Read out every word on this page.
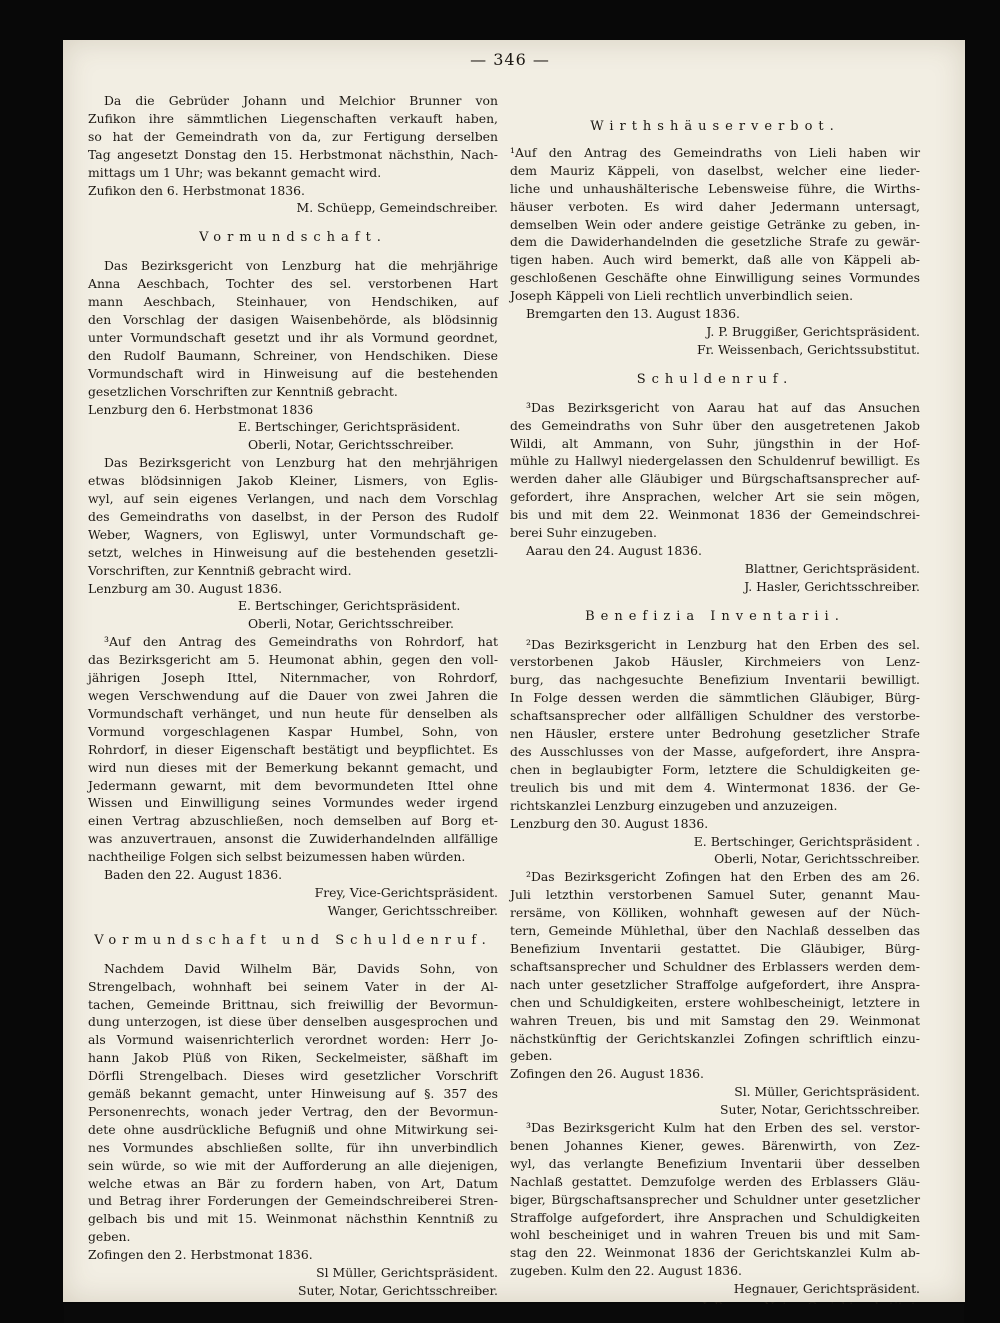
— 346 —
Da die Gebrüder Johann und Melchior Brunner von
Zufikon ihre sämmtlichen Liegenschaften verkauft haben,
so hat der Gemeindrath von da, zur Fertigung derselben
Tag angesetzt Donstag den 15. Herbstmonat nächsthin, Nach-
mittags um 1 Uhr; was bekannt gemacht wird.
Zufikon den 6. Herbstmonat 1836.
M. Schüepp, Gemeindschreiber.
Vormundschaft.
Das Bezirksgericht von Lenzburg hat die mehrjährige
Anna Aeschbach, Tochter des sel. verstorbenen Hart
mann Aeschbach, Steinhauer, von Hendschiken, auf
den Vorschlag der dasigen Waisenbehörde, als blödsinnig
unter Vormundschaft gesetzt und ihr als Vormund geordnet,
den Rudolf Baumann, Schreiner, von Hendschiken. Diese
Vormundschaft wird in Hinweisung auf die bestehenden
gesetzlichen Vorschriften zur Kenntniß gebracht.
Lenzburg den 6. Herbstmonat 1836
E. Bertschinger, Gerichtspräsident.
Oberli, Notar, Gerichtsschreiber.
Das Bezirksgericht von Lenzburg hat den mehrjährigen
etwas blödsinnigen Jakob Kleiner, Lismers, von Eglis-
wyl, auf sein eigenes Verlangen, und nach dem Vorschlag
des Gemeindraths von daselbst, in der Person des Rudolf
Weber, Wagners, von Egliswyl, unter Vormundschaft ge-
setzt, welches in Hinweisung auf die bestehenden gesetzli-
Vorschriften, zur Kenntniß gebracht wird.
Lenzburg am 30. August 1836.
E. Bertschinger, Gerichtspräsident.
Oberli, Notar, Gerichtsschreiber.
³Auf den Antrag des Gemeindraths von Rohrdorf, hat
das Bezirksgericht am 5. Heumonat abhin, gegen den voll-
jährigen Joseph Ittel, Niternmacher, von Rohrdorf,
wegen Verschwendung auf die Dauer von zwei Jahren die
Vormundschaft verhänget, und nun heute für denselben als
Vormund vorgeschlagenen Kaspar Humbel, Sohn, von
Rohrdorf, in dieser Eigenschaft bestätigt und beypflichtet. Es
wird nun dieses mit der Bemerkung bekannt gemacht, und
Jedermann gewarnt, mit dem bevormundeten Ittel ohne
Wissen und Einwilligung seines Vormundes weder irgend
einen Vertrag abzuschließen, noch demselben auf Borg et-
was anzuvertrauen, ansonst die Zuwiderhandelnden allfällige
nachtheilige Folgen sich selbst beizumessen haben würden.
Baden den 22. August 1836.
Frey, Vice-Gerichtspräsident.
Wanger, Gerichtsschreiber.
Vormundschaft und Schuldenruf.
Nachdem David Wilhelm Bär, Davids Sohn, von
Strengelbach, wohnhaft bei seinem Vater in der Al-
tachen, Gemeinde Brittnau, sich freiwillig der Bevormun-
dung unterzogen, ist diese über denselben ausgesprochen und
als Vormund waisenrichterlich verordnet worden: Herr Jo-
hann Jakob Plüß von Riken, Seckelmeister, säßhaft im
Dörfli Strengelbach. Dieses wird gesetzlicher Vorschrift
gemäß bekannt gemacht, unter Hinweisung auf §. 357 des
Personenrechts, wonach jeder Vertrag, den der Bevormun-
dete ohne ausdrückliche Befugniß und ohne Mitwirkung sei-
nes Vormundes abschließen sollte, für ihn unverbindlich
sein würde, so wie mit der Aufforderung an alle diejenigen,
welche etwas an Bär zu fordern haben, von Art, Datum
und Betrag ihrer Forderungen der Gemeindschreiberei Stren-
gelbach bis und mit 15. Weinmonat nächsthin Kenntniß zu
geben.
Zofingen den 2. Herbstmonat 1836.
Sl Müller, Gerichtspräsident.
Suter, Notar, Gerichtsschreiber.
Wirthshäuserverbot.
¹Auf den Antrag des Gemeindraths von Lieli haben wir
dem Mauriz Käppeli, von daselbst, welcher eine lieder-
liche und unhaushälterische Lebensweise führe, die Wirths-
häuser verboten. Es wird daher Jedermann untersagt,
demselben Wein oder andere geistige Getränke zu geben, in-
dem die Dawiderhandelnden die gesetzliche Strafe zu gewär-
tigen haben. Auch wird bemerkt, daß alle von Käppeli ab-
geschloßenen Geschäfte ohne Einwilligung seines Vormundes
Joseph Käppeli von Lieli rechtlich unverbindlich seien.
Bremgarten den 13. August 1836.
J. P. Bruggißer, Gerichtspräsident.
Fr. Weissenbach, Gerichtssubstitut.
Schuldenruf.
³Das Bezirksgericht von Aarau hat auf das Ansuchen
des Gemeindraths von Suhr über den ausgetretenen Jakob
Wildi, alt Ammann, von Suhr, jüngsthin in der Hof-
mühle zu Hallwyl niedergelassen den Schuldenruf bewilligt. Es
werden daher alle Gläubiger und Bürgschaftsansprecher auf-
gefordert, ihre Ansprachen, welcher Art sie sein mögen,
bis und mit dem 22. Weinmonat 1836 der Gemeindschrei-
berei Suhr einzugeben.
Aarau den 24. August 1836.
Blattner, Gerichtspräsident.
J. Hasler, Gerichtsschreiber.
Benefizia Inventarii.
²Das Bezirksgericht in Lenzburg hat den Erben des sel.
verstorbenen Jakob Häusler, Kirchmeiers von Lenz-
burg, das nachgesuchte Benefizium Inventarii bewilligt.
In Folge dessen werden die sämmtlichen Gläubiger, Bürg-
schaftsansprecher oder allfälligen Schuldner des verstorbe-
nen Häusler, erstere unter Bedrohung gesetzlicher Strafe
des Ausschlusses von der Masse, aufgefordert, ihre Anspra-
chen in beglaubigter Form, letztere die Schuldigkeiten ge-
treulich bis und mit dem 4. Wintermonat 1836. der Ge-
richtskanzlei Lenzburg einzugeben und anzuzeigen.
Lenzburg den 30. August 1836.
E. Bertschinger, Gerichtspräsident .
Oberli, Notar, Gerichtsschreiber.
²Das Bezirksgericht Zofingen hat den Erben des am 26.
Juli letzthin verstorbenen Samuel Suter, genannt Mau-
rersäme, von Kölliken, wohnhaft gewesen auf der Nüch-
tern, Gemeinde Mühlethal, über den Nachlaß desselben das
Benefizium Inventarii gestattet. Die Gläubiger, Bürg-
schaftsansprecher und Schuldner des Erblassers werden dem-
nach unter gesetzlicher Straffolge aufgefordert, ihre Anspra-
chen und Schuldigkeiten, erstere wohlbescheinigt, letztere in
wahren Treuen, bis und mit Samstag den 29. Weinmonat
nächstkünftig der Gerichtskanzlei Zofingen schriftlich einzu-
geben.
Zofingen den 26. August 1836.
Sl. Müller, Gerichtspräsident.
Suter, Notar, Gerichtsschreiber.
³Das Bezirksgericht Kulm hat den Erben des sel. verstor-
benen Johannes Kiener, gewes. Bärenwirth, von Zez-
wyl, das verlangte Benefizium Inventarii über desselben
Nachlaß gestattet. Demzufolge werden des Erblassers Gläu-
biger, Bürgschaftsansprecher und Schuldner unter gesetzlicher
Straffolge aufgefordert, ihre Ansprachen und Schuldigkeiten
wohl bescheiniget und in wahren Treuen bis und mit Sam-
stag den 22. Weinmonat 1836 der Gerichtskanzlei Kulm ab-
zugeben. Kulm den 22. August 1836.
Hegnauer, Gerichtspräsident.
